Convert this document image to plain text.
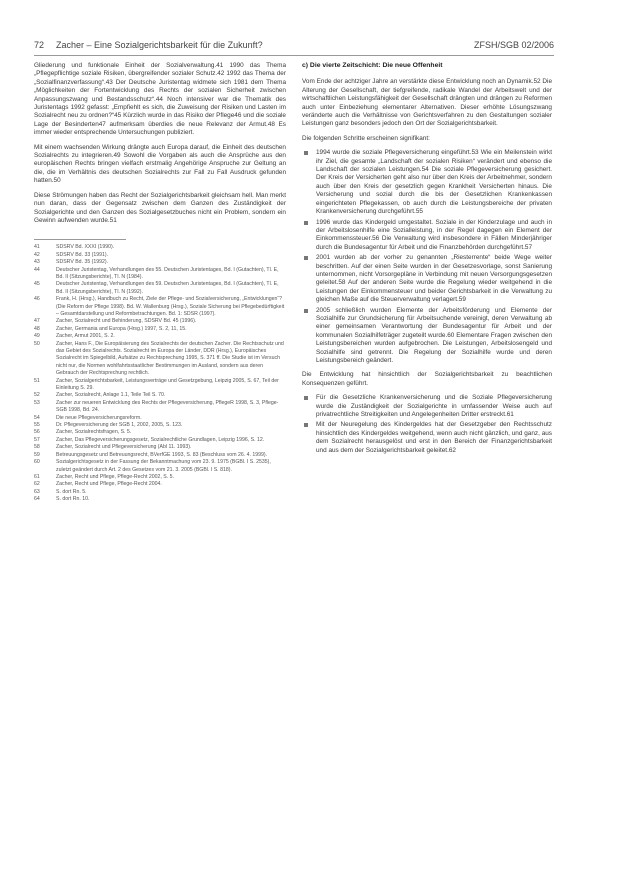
72 Zacher – Eine Sozialgerichtsbarkeit für die Zukunft?	ZFSH/SGB 02/2006

Gliederung und funktionale Einheit der Sozialverwaltung.41 1990 das Thema „Pflegepflichtige soziale Risiken, übergreifender sozialer Schutz.42 1992 das Thema der „Sozialfinanzverfassung“.43 Der Deutsche Juristentag widmete sich 1981 dem Thema „Möglichkeiten der Fortentwicklung des Rechts der sozialen Sicherheit zwischen Anpassungszwang und Bestandsschutz“.44 Noch intensiver war die Thematik des Juristentags 1992 gefasst: „Empfiehlt es sich, die Zuweisung der Risiken und Lasten im Sozialrecht neu zu ordnen?“45 Kürzlich wurde in das Risiko der Pflege46 und die soziale Lage der Besinderten47 aufmerksam überdies die neue Relevanz der Armut.48 Es immer wieder entsprechende Untersuchungen publiziert.

Mit einem wachsenden Wirkung drängte auch Europa darauf, die Einheit des deutschen Sozialrechts zu integrieren.49 Sowohl die Vorgaben als auch die Ansprüche aus den europäischen Rechts bringen vielfach erstmalig Angehörige Anspruche zur Geltung an die, die im Verhältnis des deutschen Sozialrechts zur Fall zu Fall Ausdruck gefunden hatten.50

Diese Strömungen haben das Recht der Sozialgerichtsbarkeit gleichsam hell. Man merkt nun daran, dass der Gegensatz zwischen dem Ganzen des Zuständigkeit der Sozialgerichte und den Ganzen des Sozialgesetzbuches nicht ein Problem, sondern ein Gewinn aufwenden wurde.51

41	SDSRV Bd. XXXI (1990).
42	SDSRV Bd. 33 (1991).
43	SDSRV Bd. 35 (1992).
44	Deutscher Juristentag, Verhandlungen des 55. Deutschen Juristentages, Bd. I (Gutachten), Tl. E, Bd. II (Sitzungsberichte), Tl. N (1984).
45	Deutscher Juristentag, Verhandlungen des 59. Deutschen Juristentages, Bd. I (Gutachten), Tl. E, Bd. II (Sitzungsberichte), Tl. N (1992).
46	Frank, H. (Hrsg.), Handbuch zu Recht, Ziele der Pflege- und Sozialversicherung, „Entwicklungen“? (Die Reform der Pflege 1998). Bd. W. Wallenburg (Hrsg.), Soziale Sicherung bei Pflegebedürftigkeit – Gesamtdarstellung und Reformbetrachtungen. Bd. 1: SDSR (1997).
47	Zacher, Sozialrecht und Behinderung, SDSRV Bd. 45 (1996).
48	Zacher, Germania and Europa (Hrsg.) 1997, S. 2, 11, 15.
49	Zacher, Armut 2001, S. 2.
50	Zacher, Hans F., Die Europäisierung des Sozialrechts der deutschen Zacher. Die Rechtsschutz und das Gebiet des Sozialrechts. Sozialrecht im Europa der Länder, DDR (Hrsg.), Europäisches Sozialrecht im Spiegelbild, Aufsätze zu Rechtsprechung 1995, S. 371 ff. Die Studie ist im Versuch nicht nur, die Normen wohlfahrtsstaatlicher Bestimmungen im Ausland, sondern aus deren Gebrauch der Rechtsprechung rechtlich.
51	Zacher, Sozialgerichtsbarkeit, Leistungsverträge und Gesetzgebung, Leipzig 2005, S. 67, Teil der Einleitung S. 29.
52	Zacher, Sozialrecht, Anlage 1.1, Teile Teil S. 70.
53	Zacher zur neueren Entwicklung des Rechts der Pflegeversicherung, PflegeR 1998, S. 3, Pflege-SGB 1998, Bd. 24.
54	Die neue Pflegeversicherungsreform.
55	Dr. Pflegeversicherung der SGB 1, 2002, 2005, S. 123.
56	Zacher, Sozialrechtsfragen, S. 5.
57	Zacher, Das Pflegeversicherungsgesetz, Sozialrechtliche Grundlagen, Leipzig 1996, S. 12.
58	Zacher, Sozialrecht und Pflegeversicherung (Abl 11. 1993).
59	Betreuungsgesetz und Betreuungsrecht, BVerfGE 1993, S. 83 (Beschluss vom 26. 4. 1999).
60	Sozialgerichtsgesetz in der Fassung der Bekanntmachung vom 23. 9. 1975 (BGBl. I S. 2535), zuletzt geändert durch Art. 2 des Gesetzes vom 21. 3. 2005 (BGBl. I S. 818).
61	Zacher, Recht und Pflege, Pflege-Recht 2002, S. 5.
62	Zacher, Recht und Pflege, Pflege-Recht 2004.
63	S. dort Rn. 5.
64	S. dort Rn. 10.

c) Die vierte Zeitschicht: Die neue Offenheit

Vom Ende der achtziger Jahre an verstärkte diese Entwicklung noch an Dynamik.52 Die Alterung der Gesellschaft, der tiefgreifende, radikale Wandel der Arbeitswelt und der wirtschaftlichen Leistungsfähigkeit der Gesellschaft drängten und drängen zu Reformen auch unter Einbeziehung elementarer Alternativen. Dieser erhöhte Lösungszwang veränderte auch die Verhältnisse von Gerichtsverfahren zu den Gestaltungen sozialer Leistungen ganz besonders jedoch den Ort der Sozialgerichtsbarkeit.

Die folgenden Schritte erscheinen signifikant:

1994 wurde die soziale Pflegeversicherung eingeführt.53 Wie ein Meilenstein wirkt ihr Ziel, die gesamte „Landschaft der sozialen Risiken“ verändert und ebenso die Landschaft der sozialen Leistungen.54 Die soziale Pflegeversicherung gesichert. Der Kreis der Versicherten geht also nur über den Kreis der Arbeitnehmer, sondern auch über den Kreis der gesetzlich gegen Krankheit Versicherten hinaus. Die Versicherung und sozial durch die bis der Gesetzlichen Krankenkassen eingerichteten Pflegekassen, ob auch durch die Leistungsbereiche der privaten Krankenversicherung durchgeführt.55
1996 wurde das Kindergeld umgestaltet. Soziale in der Kinderzulage und auch in der Arbeitslosenhilfe eine Sozialleistung, in der Regel dagegen ein Element der Einkommenssteuer.56 Die Verwaltung wird insbesondere in Fällen Minderjähriger durch die Bundesagentur für Arbeit und die Finanzbehörden durchgeführt.57
2001 wurden ab der vorher zu genannten „Riesterrente“ beide Wege weiter beschritten. Auf der einen Seite wurden in der Gesetzesvorlage, sonst Sanierung unternommen, nicht Vorsorgepläne in Verbindung mit neuen Versorgungsgesetzen geleitet.58 Auf der anderen Seite wurde die Regelung wieder weitgehend in die Leistungen der Einkommensteuer und beider Gerichtsbarkeit in die Verwaltung zu gleichen Maße auf die Steuerverwaltung verlagert.59
2005 schließlich wurden Elemente der Arbeitsförderung und Elemente der Sozialhilfe zur Grundsicherung für Arbeitsuchende vereinigt, deren Verwaltung ab einer gemeinsamen Verantwortung der Bundesagentur für Arbeit und der kommunalen Sozialhilfeträger zugeteilt wurde.60 Elementare Fragen zwischen den Leistungsbereichen wurden aufgebrochen. Die Leistungen, Arbeitslosengeld und Sozialhilfe sind getrennt. Die Regelung der Sozialhilfe wurde und deren Leistungsbereich geändert.

Die Entwicklung hat hinsichtlich der Sozialgerichtsbarkeit zu beachtlichen Konsequenzen geführt.

Für die Gesetzliche Krankenversicherung und die Soziale Pflegeversicherung wurde die Zuständigkeit der Sozialgerichte in umfassender Weise auch auf privatrechtliche Streitigkeiten und Angelegenheiten Dritter erstreckt.61
Mit der Neuregelung des Kindergeldes hat der Gesetzgeber den Rechtsschutz hinsichtlich des Kindergeldes weitgehend, wenn auch nicht gänzlich, und ganz, aus dem Sozialrecht herausgelöst und erst in den Bereich der Finanzgerichtsbarkeit und aus dem der Sozialgerichtsbarkeit geleitet.62
